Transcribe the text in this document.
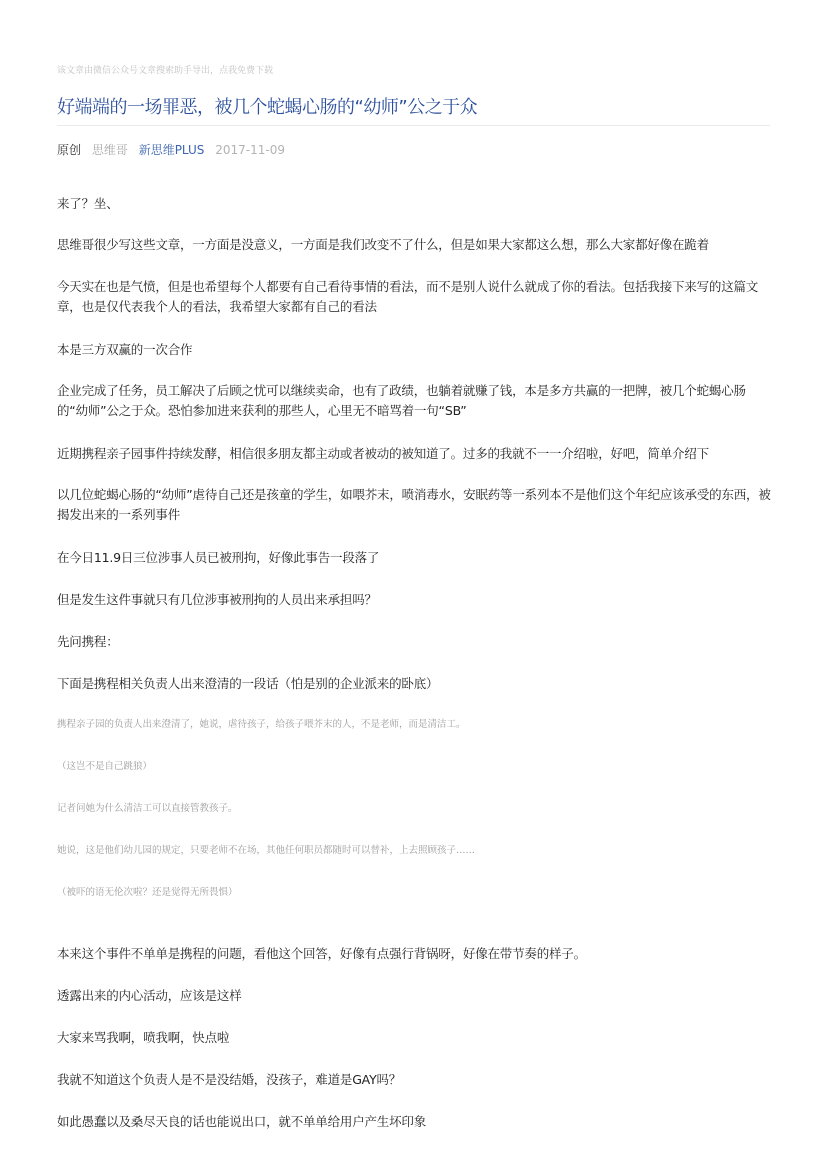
该文章由微信公众号文章搜索助手导出，点我免费下载
好端端的一场罪恶，被几个蛇蝎心肠的“幼师”公之于众
原创 思维哥 新思维PLUS 2017-11-09

来了？坐、

思维哥很少写这些文章，一方面是没意义，一方面是我们改变不了什么，但是如果大家都这么想，那么大家都好像在跪着

今天实在也是气愤，但是也希望每个人都要有自己看待事情的看法，而不是别人说什么就成了你的看法。包括我接下来写的这篇文章，也是仅代表我个人的看法，我希望大家都有自己的看法

本是三方双赢的一次合作

企业完成了任务，员工解决了后顾之忧可以继续卖命，也有了政绩，也躺着就赚了钱，本是多方共赢的一把牌，被几个蛇蝎心肠的“幼师”公之于众。恐怕参加进来获利的那些人，心里无不暗骂着一句“SB”

近期携程亲子园事件持续发酵，相信很多朋友都主动或者被动的被知道了。过多的我就不一一介绍啦，好吧，简单介绍下

以几位蛇蝎心肠的“幼师”虐待自己还是孩童的学生，如喂芥末，喷消毒水，安眠药等一系列本不是他们这个年纪应该承受的东西，被揭发出来的一系列事件

在今日11.9日三位涉事人员已被刑拘，好像此事告一段落了

但是发生这件事就只有几位涉事被刑拘的人员出来承担吗？

先问携程：

下面是携程相关负责人出来澄清的一段话（怕是别的企业派来的卧底）

携程亲子园的负责人出来澄清了，她说，虐待孩子，给孩子喂芥末的人，不是老师，而是清洁工。

（这岂不是自己跳狼）

记者问她为什么清洁工可以直接管教孩子。

她说，这是他们幼儿园的规定，只要老师不在场，其他任何职员都随时可以替补，上去照顾孩子……

（被吓的语无伦次啦？还是觉得无所畏惧）

本来这个事件不单单是携程的问题，看他这个回答，好像有点强行背锅呀，好像在带节奏的样子。

透露出来的内心活动，应该是这样

大家来骂我啊，喷我啊，快点啦

我就不知道这个负责人是不是没结婚，没孩子，难道是GAY吗？

如此愚蠢以及桑尽天良的话也能说出口，就不单单给用户产生坏印象
